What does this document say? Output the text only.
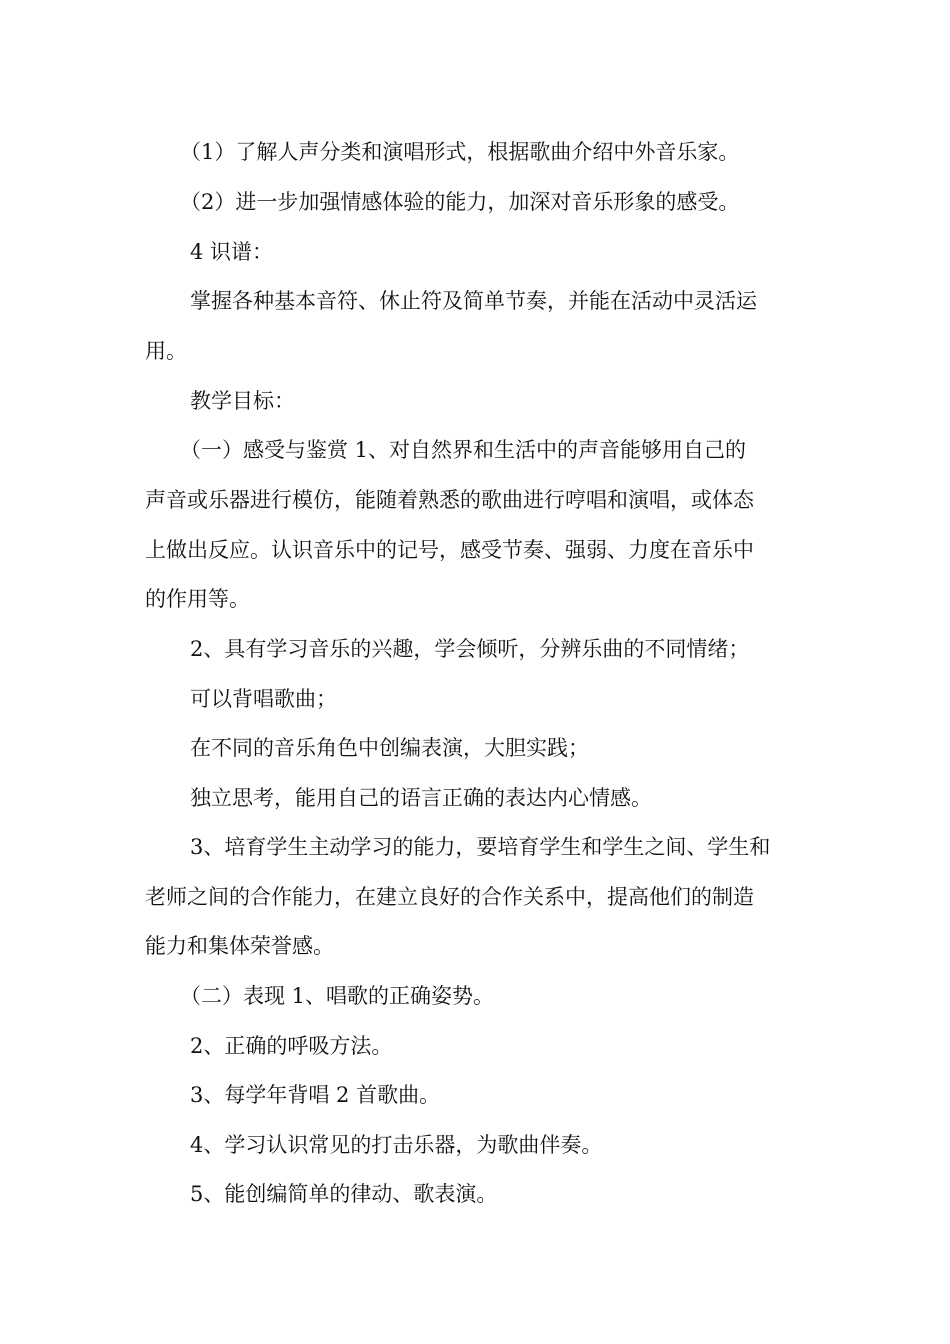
（1）了解人声分类和演唱形式，根据歌曲介绍中外音乐家。
（2）进一步加强情感体验的能力，加深对音乐形象的感受。
4 识谱：
掌握各种基本音符、休止符及简单节奏，并能在活动中灵活运
用。
教学目标：
（一）感受与鉴赏 1、对自然界和生活中的声音能够用自己的
声音或乐器进行模仿，能随着熟悉的歌曲进行哼唱和演唱，或体态
上做出反应。认识音乐中的记号，感受节奏、强弱、力度在音乐中
的作用等。
2、具有学习音乐的兴趣，学会倾听，分辨乐曲的不同情绪；
可以背唱歌曲；
在不同的音乐角色中创编表演，大胆实践；
独立思考，能用自己的语言正确的表达内心情感。
3、培育学生主动学习的能力，要培育学生和学生之间、学生和
老师之间的合作能力，在建立良好的合作关系中，提高他们的制造
能力和集体荣誉感。
（二）表现 1、唱歌的正确姿势。
2、正确的呼吸方法。
3、每学年背唱 2 首歌曲。
4、学习认识常见的打击乐器，为歌曲伴奏。
5、能创编简单的律动、歌表演。
